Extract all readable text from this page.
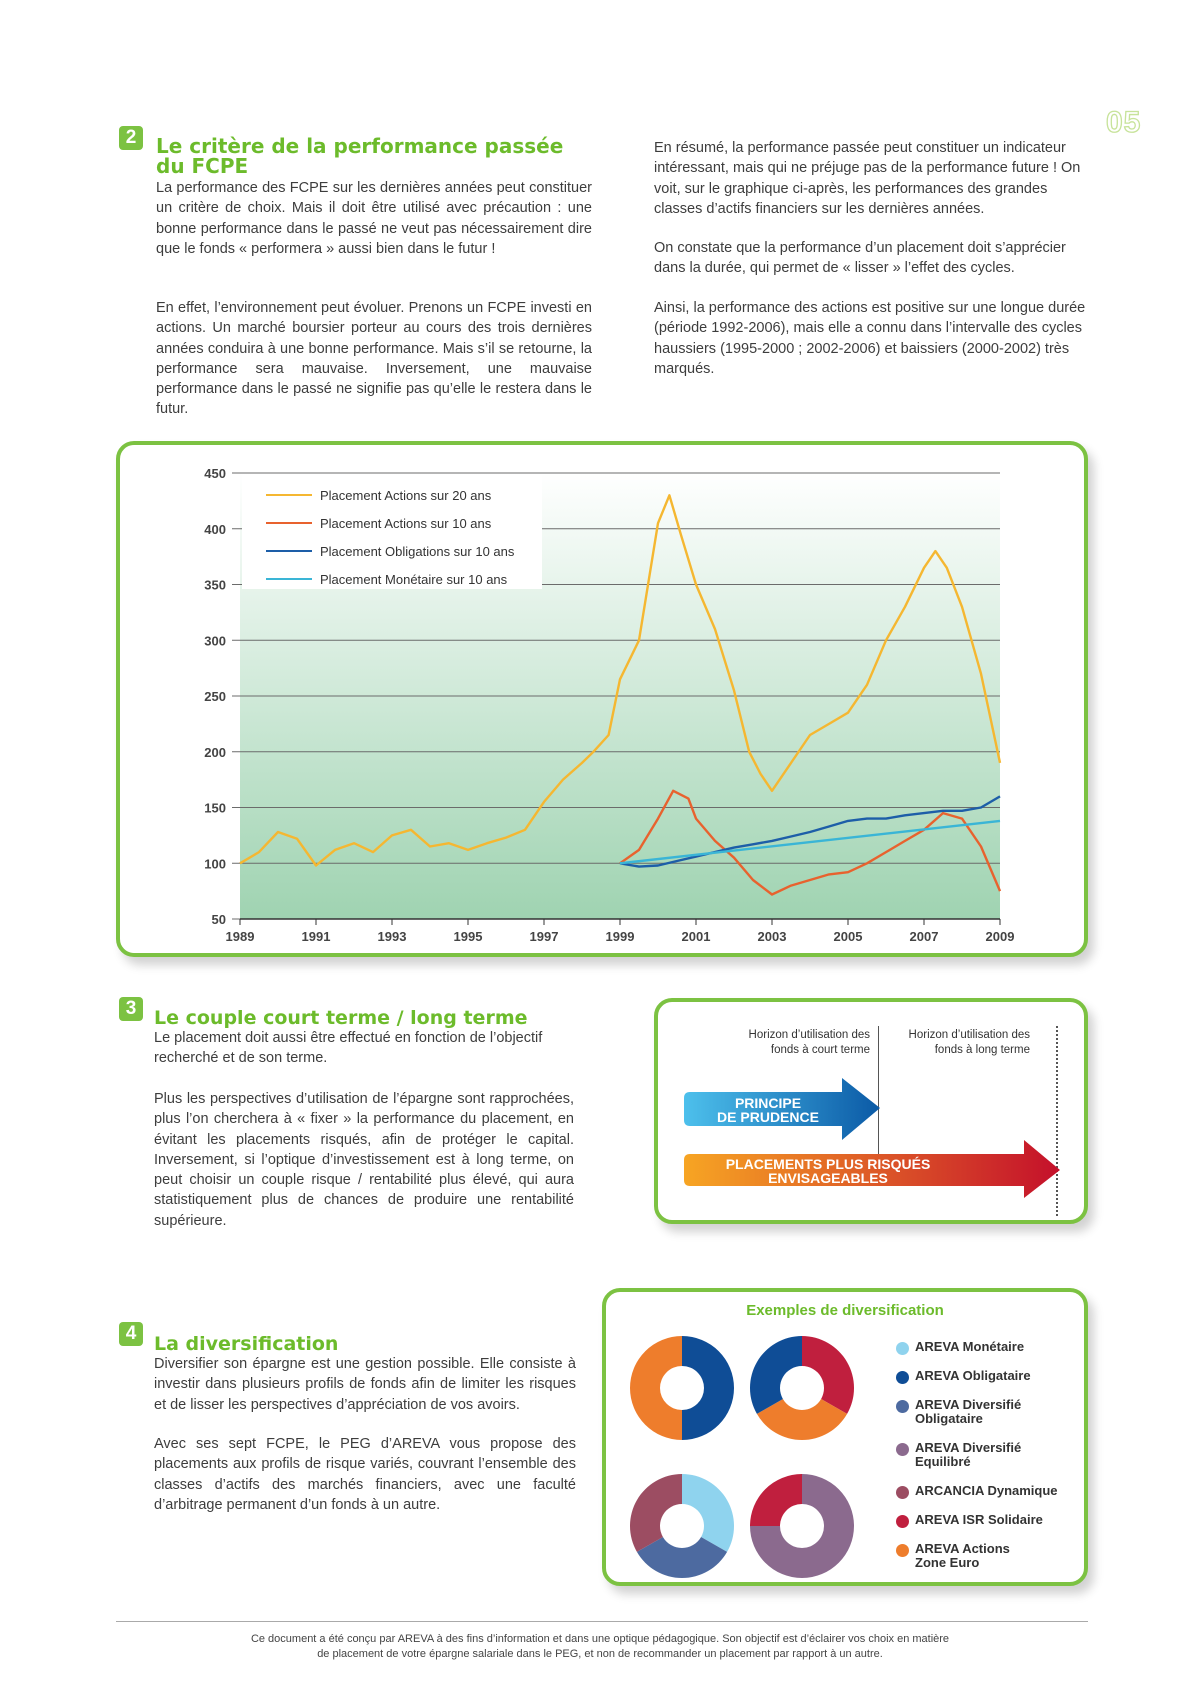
05
2 Le critère de la performance passée
du FCPE

La performance des FCPE sur les dernières années peut constituer un critère de choix. Mais il doit être utilisé avec précaution : une bonne performance dans le passé ne veut pas nécessairement dire que le fonds « performera » aussi bien dans le futur !

En effet, l’environnement peut évoluer. Prenons un FCPE investi en actions. Un marché boursier porteur au cours des trois dernières années conduira à une bonne performance. Mais s’il se retourne, la performance sera mauvaise. Inversement, une mauvaise performance dans le passé ne signifie pas qu’elle le restera dans le futur.

En résumé, la performance passée peut constituer un indicateur intéressant, mais qui ne préjuge pas de la performance future ! On voit, sur le graphique ci-après, les performances des grandes classes d’actifs financiers sur les dernières années.

On constate que la performance d’un placement doit s’apprécier dans la durée, qui permet de « lisser » l’effet des cycles.

Ainsi, la performance des actions est positive sur une longue durée (période 1992-2006), mais elle a connu dans l’intervalle des cycles haussiers (1995-2000 ; 2002-2006) et baissiers (2000-2002) très marqués.

450
400
350
300
250
200
150
100
50
1989	1991	1993	1995	1997	1999	2001	2003	2005	2007	2009
Placement Actions sur 20 ans
Placement Actions sur 10 ans
Placement Obligations sur 10 ans
Placement Monétaire sur 10 ans
3 Le couple court terme / long terme

Le placement doit aussi être effectué en fonction de l’objectif recherché et de son terme.

Plus les perspectives d’utilisation de l’épargne sont rapprochées, plus l’on cherchera à « fixer » la performance du placement, en évitant les placements risqués, afin de protéger le capital. Inversement, si l’optique d’investissement est à long terme, on peut choisir un couple risque / rentabilité plus élevé, qui aura statistiquement plus de chances de produire une rentabilité supérieure.

Horizon d’utilisation des
fonds à court terme
Horizon d’utilisation des
fonds à long terme
PRINCIPE
DE PRUDENCE
PLACEMENTS PLUS RISQUÉS
ENVISAGEABLES
4 La diversification

Diversifier son épargne est une gestion possible. Elle consiste à investir dans plusieurs profils de fonds afin de limiter les risques et de lisser les perspectives d’appréciation de vos avoirs.

Avec ses sept FCPE, le PEG d’AREVA vous propose des placements aux profils de risque variés, couvrant l’ensemble des classes d’actifs des marchés financiers, avec une faculté d’arbitrage permanent d’un fonds à un autre.

Exemples de diversification
AREVA Monétaire
AREVA Obligataire
AREVA Diversifié
Obligataire
AREVA Diversifié
Equilibré
ARCANCIA Dynamique
AREVA ISR Solidaire
AREVA Actions
Zone Euro
Ce document a été conçu par AREVA à des fins d’information et dans une optique pédagogique. Son objectif est d’éclairer vos choix en matière
de placement de votre épargne salariale dans le PEG, et non de recommander un placement par rapport à un autre.
